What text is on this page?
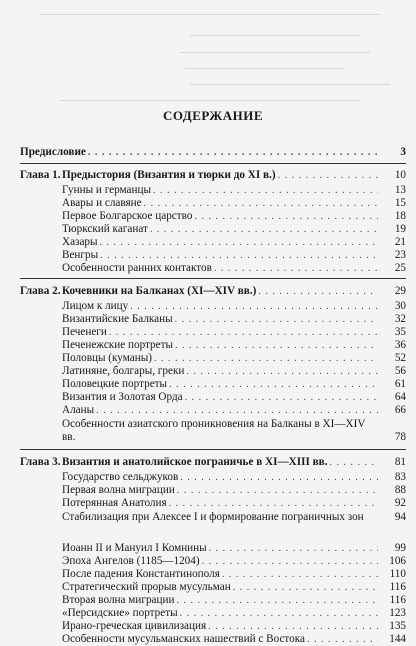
СОДЕРЖАНИЕ
Предисловие . . .	3
Глава 1. Предыстория (Византия и тюрки до XI в.) . . .	10
Гунны и германцы . . .	13
Авары и славяне . . .	15
Первое Болгарское царство . . .	18
Тюркский каганат . . .	19
Хазары . . .	21
Венгры . . .	23
Особенности ранних контактов . . .	25
Глава 2. Кочевники на Балканах (XI—XIV вв.) . . .	29
Лицом к лицу . . .	30
Византийские Балканы . . .	32
Печенеги . . .	35
Печенежские портреты . . .	36
Половцы (куманы) . . .	52
Латиняне, болгары, греки . . .	56
Половецкие портреты . . .	61
Византия и Золотая Орда . . .	64
Аланы . . .	66
Особенности азиатского проникновения на Балканы в XI—XIV вв.	78
Глава 3. Византия и анатолийское пограничье в XI—XIII вв. . . .	81
Государство сельджуков . . .	83
Первая волна миграции . . .	88
Потерянная Анатолия . . .	92
Стабилизация при Алексее I и формирование пограничных зон	94
Иоанн II и Мануил I Комнины . . .	99
Эпоха Ангелов (1185—1204) . . .	106
После падения Константинополя . . .	110
Стратегический прорыв мусульман . . .	116
Вторая волна миграции . . .	116
«Персидские» портреты . . .	123
Ирано-греческая цивилизация . . .	135
Особенности мусульманских нашествий с Востока . . .	144
